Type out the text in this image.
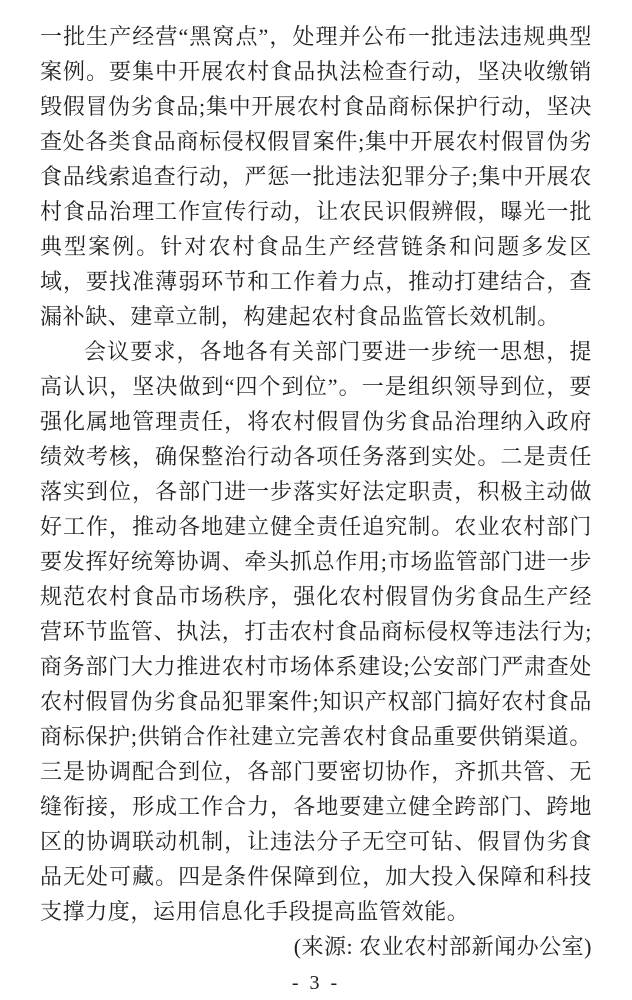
一批生产经营“黑窝点”，处理并公布一批违法违规典型案例。要集中开展农村食品执法检查行动，坚决收缴销毁假冒伪劣食品;集中开展农村食品商标保护行动，坚决查处各类食品商标侵权假冒案件;集中开展农村假冒伪劣食品线索追查行动，严惩一批违法犯罪分子;集中开展农村食品治理工作宣传行动，让农民识假辨假，曝光一批典型案例。针对农村食品生产经营链条和问题多发区域，要找准薄弱环节和工作着力点，推动打建结合，查漏补缺、建章立制，构建起农村食品监管长效机制。

会议要求，各地各有关部门要进一步统一思想，提高认识，坚决做到“四个到位”。一是组织领导到位，要强化属地管理责任，将农村假冒伪劣食品治理纳入政府绩效考核，确保整治行动各项任务落到实处。二是责任落实到位，各部门进一步落实好法定职责，积极主动做好工作，推动各地建立健全责任追究制。农业农村部门要发挥好统筹协调、牵头抓总作用;市场监管部门进一步规范农村食品市场秩序，强化农村假冒伪劣食品生产经营环节监管、执法，打击农村食品商标侵权等违法行为;商务部门大力推进农村市场体系建设;公安部门严肃查处农村假冒伪劣食品犯罪案件;知识产权部门搞好农村食品商标保护;供销合作社建立完善农村食品重要供销渠道。三是协调配合到位，各部门要密切协作，齐抓共管、无缝衔接，形成工作合力，各地要建立健全跨部门、跨地区的协调联动机制，让违法分子无空可钻、假冒伪劣食品无处可藏。四是条件保障到位，加大投入保障和科技支撑力度，运用信息化手段提高监管效能。

(来源: 农业农村部新闻办公室)

- 3 -
